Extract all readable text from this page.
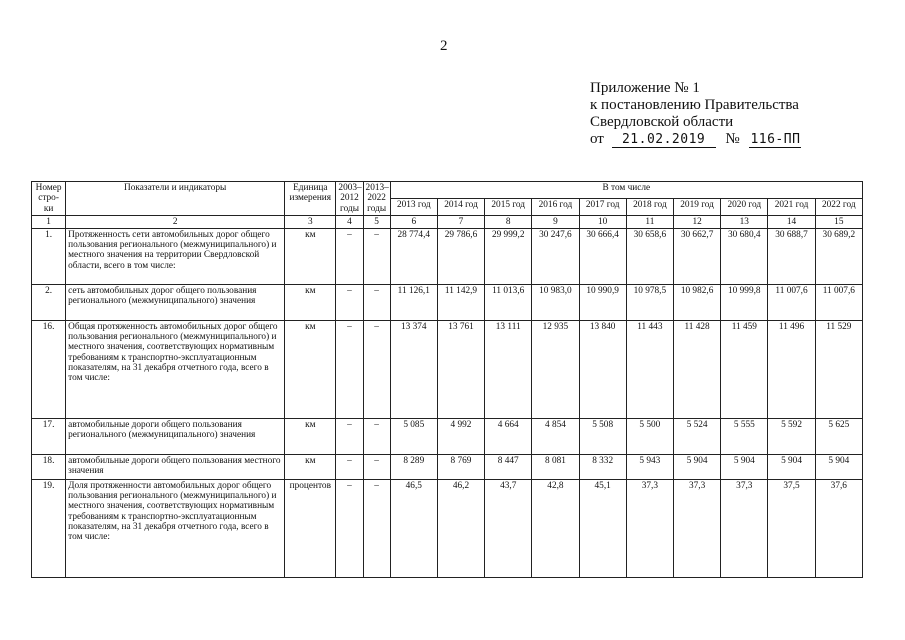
2
Приложение № 1
к постановлению Правительства
Свердловской области
от 21.02.2019 № 116-ПП
Номер стро-ки	Показатели и индикаторы	Единица измерения	2003–2012 годы	2013–2022 годы	В том числе									
					2013 год	2014 год	2015 год	2016 год	2017 год	2018 год	2019 год	2020 год	2021 год	2022 год
1	2	3	4	5	6	7	8	9	10	11	12	13	14	15
1.	Протяженность сети автомобильных дорог общего пользования регионального (межмуниципального) и местного значения на территории Свердловской области, всего в том числе:	км	–	–	28 774,4	29 786,6	29 999,2	30 247,6	30 666,4	30 658,6	30 662,7	30 680,4	30 688,7	30 689,2
2.	сеть автомобильных дорог общего пользования регионального (межмуниципального) значения	км	–	–	11 126,1	11 142,9	11 013,6	10 983,0	10 990,9	10 978,5	10 982,6	10 999,8	11 007,6	11 007,6
16.	Общая протяженность автомобильных дорог общего пользования регионального (межмуниципального) и местного значения, соответствующих нормативным требованиям к транспортно-эксплуатационным показателям, на 31 декабря отчетного года, всего в том числе:	км	–	–	13 374	13 761	13 111	12 935	13 840	11 443	11 428	11 459	11 496	11 529
17.	автомобильные дороги общего пользования регионального (межмуниципального) значения	км	–	–	5 085	4 992	4 664	4 854	5 508	5 500	5 524	5 555	5 592	5 625
18.	автомобильные дороги общего пользования местного значения	км	–	–	8 289	8 769	8 447	8 081	8 332	5 943	5 904	5 904	5 904	5 904
19.	Доля протяженности автомобильных дорог общего пользования регионального (межмуниципального) и местного значения, соответствующих нормативным требованиям к транспортно-эксплуатационным показателям, на 31 декабря отчетного года, всего в том числе:	процентов	–	–	46,5	46,2	43,7	42,8	45,1	37,3	37,3	37,3	37,5	37,6
